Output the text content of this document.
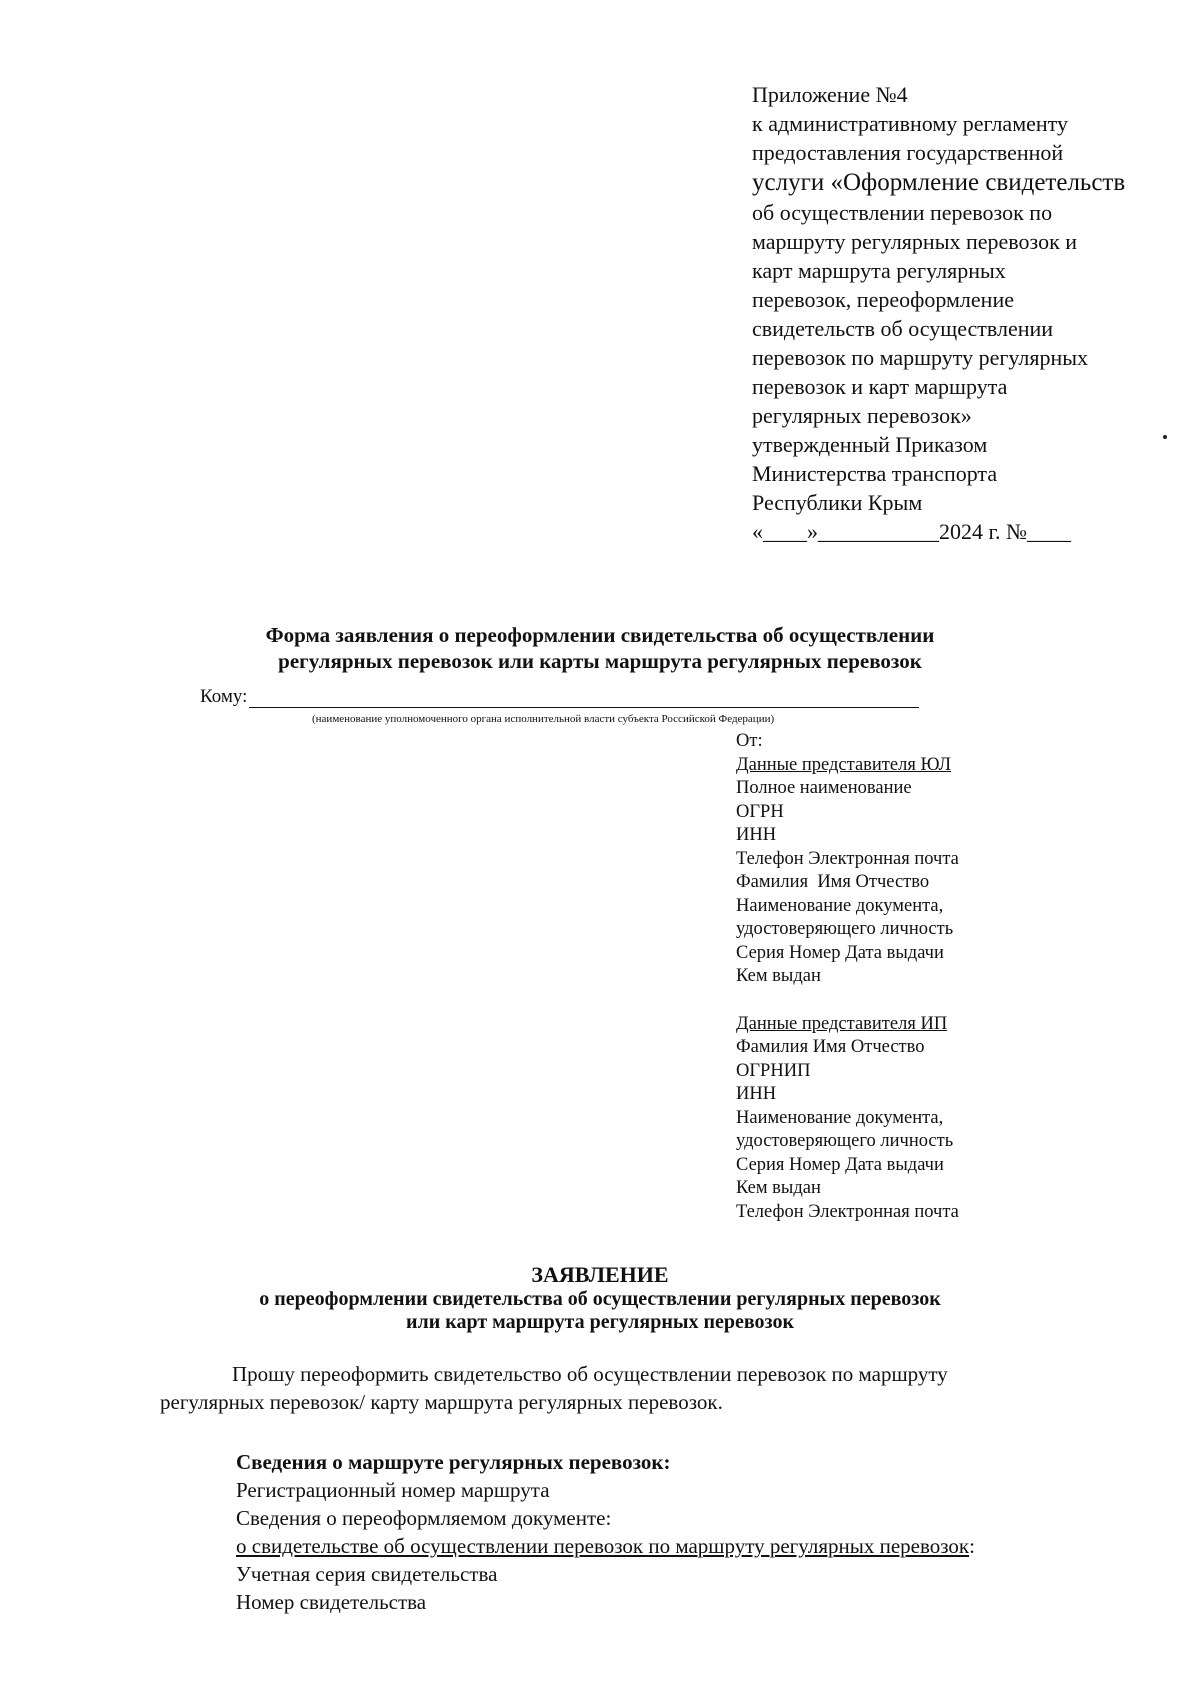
Приложение №4
к административному регламенту
предоставления государственной
услуги «Оформление свидетельств
об осуществлении перевозок по
маршруту регулярных перевозок и
карт маршрута регулярных
перевозок, переоформление
свидетельств об осуществлении
перевозок по маршруту регулярных
перевозок и карт маршрута
регулярных перевозок»
утвержденный Приказом
Министерства транспорта
Республики Крым
«____»___________2024 г. №____
Форма заявления о переоформлении свидетельства об осуществлении
регулярных перевозок или карты маршрута регулярных перевозок
Кому:
(наименование уполномоченного органа исполнительной власти субъекта Российской Федерации)
От:
Данные представителя ЮЛ
Полное наименование
ОГРН
ИНН
Телефон Электронная почта
Фамилия  Имя Отчество
Наименование документа,
удостоверяющего личность
Серия Номер Дата выдачи
Кем выдан
Данные представителя ИП
Фамилия Имя Отчество
ОГРНИП
ИНН
Наименование документа,
удостоверяющего личность
Серия Номер Дата выдачи
Кем выдан
Телефон Электронная почта
ЗАЯВЛЕНИЕ
о переоформлении свидетельства об осуществлении регулярных перевозок
или карт маршрута регулярных перевозок
Прошу переоформить свидетельство об осуществлении перевозок по маршруту
регулярных перевозок/ карту маршрута регулярных перевозок.
Сведения о маршруте регулярных перевозок:
Регистрационный номер маршрута
Сведения о переоформляемом документе:
о свидетельстве об осуществлении перевозок по маршруту регулярных перевозок:
Учетная серия свидетельства
Номер свидетельства
